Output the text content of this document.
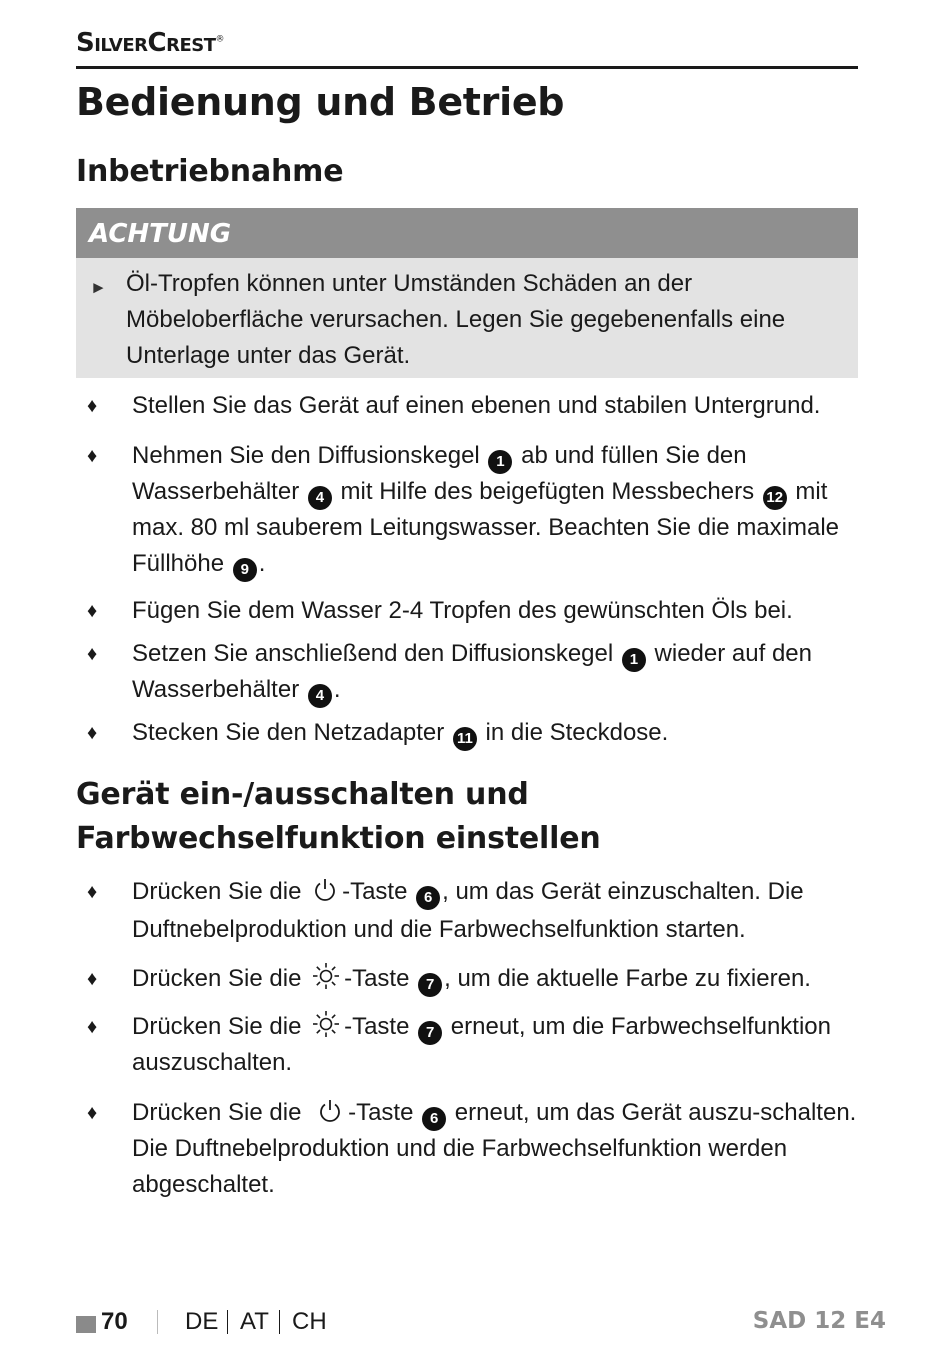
SilverCrest®
Bedienung und Betrieb
Inbetriebnahme
ACHTUNG
► Öl-Tropfen können unter Umständen Schäden an der Möbeloberfläche verursachen. Legen Sie gegebenenfalls eine Unterlage unter das Gerät.
♦ Stellen Sie das Gerät auf einen ebenen und stabilen Untergrund.
♦ Nehmen Sie den Diffusionskegel 1 ab und füllen Sie den Wasserbehälter 4 mit Hilfe des beigefügten Messbechers 12 mit max. 80 ml sauberem Leitungswasser. Beachten Sie die maximale Füllhöhe 9 .
♦ Fügen Sie dem Wasser 2-4 Tropfen des gewünschten Öls bei.
♦ Setzen Sie anschließend den Diffusionskegel 1 wieder auf den Wasserbehälter 4 .
♦ Stecken Sie den Netzadapter 11 in die Steckdose.
Gerät ein-/ausschalten und
Farbwechselfunktion einstellen
♦ Drücken Sie die -Taste 6 , um das Gerät einzuschalten. Die Duftnebelproduktion und die Farbwechselfunktion starten.
♦ Drücken Sie die -Taste 7 , um die aktuelle Farbe zu fixieren.
♦ Drücken Sie die -Taste 7 erneut, um die Farbwechselfunktion auszuschalten.
♦ Drücken Sie die -Taste 6 erneut, um das Gerät auszu-schalten. Die Duftnebelproduktion und die Farbwechselfunktion werden abgeschaltet.
70 DE AT CH	SAD 12 E4
